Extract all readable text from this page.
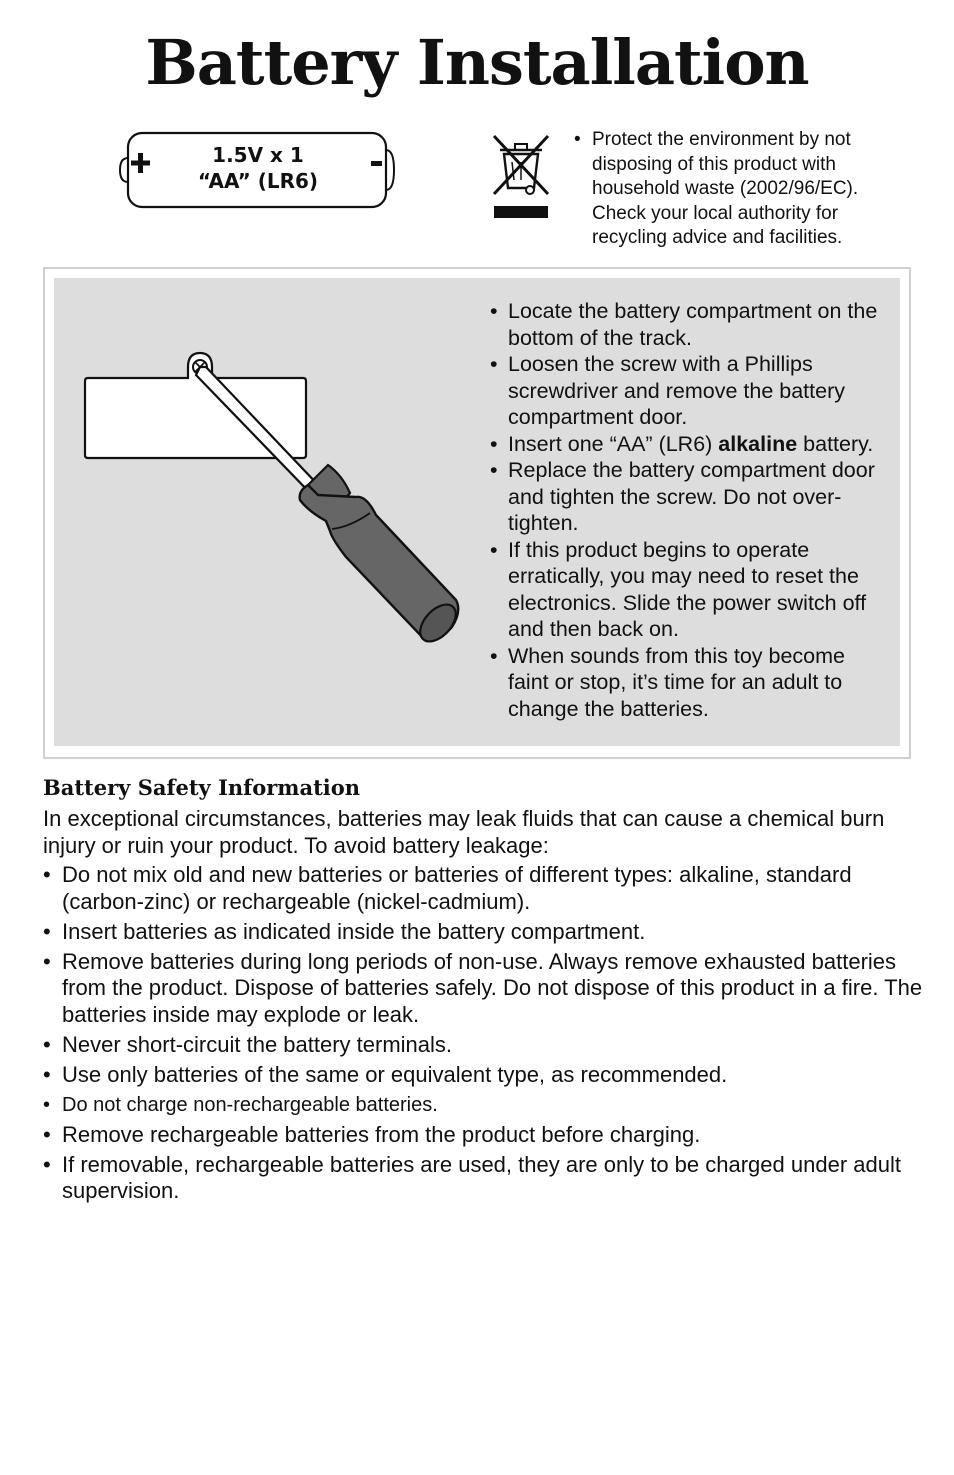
Battery Installation
1.5V x 1
“AA” (LR6)
• Protect the environment by not disposing of this product with household waste (2002/96/EC). Check your local authority for recycling advice and facilities.
• Locate the battery compartment on the bottom of the track.
• Loosen the screw with a Phillips screwdriver and remove the battery compartment door.
• Insert one “AA” (LR6) alkaline battery.
• Replace the battery compartment door and tighten the screw. Do not over-tighten.
• If this product begins to operate erratically, you may need to reset the electronics. Slide the power switch off and then back on.
• When sounds from this toy become faint or stop, it’s time for an adult to change the batteries.
Battery Safety Information

In exceptional circumstances, batteries may leak fluids that can cause a chemical burn injury or ruin your product. To avoid battery leakage:

• Do not mix old and new batteries or batteries of different types: alkaline, standard (carbon-zinc) or rechargeable (nickel-cadmium).
• Insert batteries as indicated inside the battery compartment.
• Remove batteries during long periods of non-use. Always remove exhausted batteries from the product. Dispose of batteries safely. Do not dispose of this product in a fire. The batteries inside may explode or leak.
• Never short-circuit the battery terminals.
• Use only batteries of the same or equivalent type, as recommended.
• Do not charge non-rechargeable batteries.
• Remove rechargeable batteries from the product before charging.
• If removable, rechargeable batteries are used, they are only to be charged under adult supervision.
